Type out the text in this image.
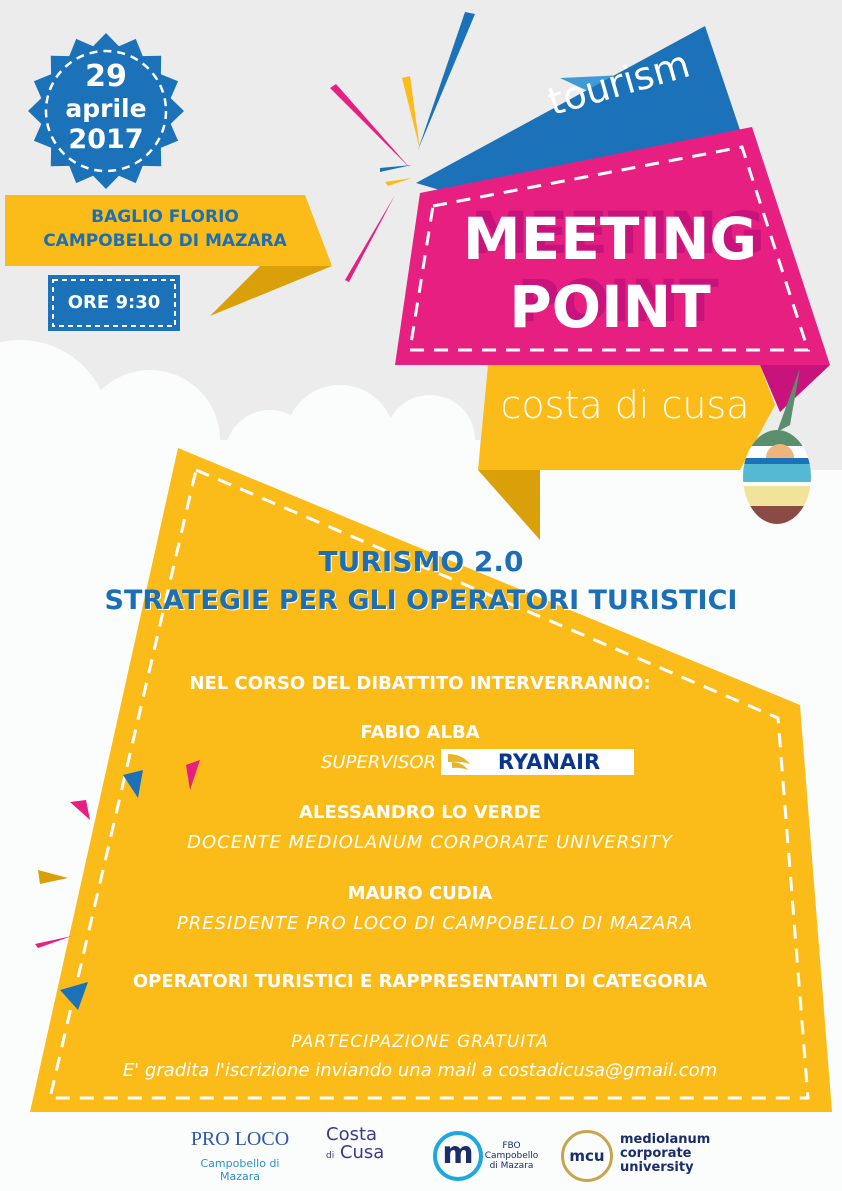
29
aprile
2017
BAGLIO FLORIO
CAMPOBELLO DI MAZARA
ORE 9:30
tourism
MEETING
POINT
costa di cusa
TURISMO 2.0
STRATEGIE PER GLI OPERATORI TURISTICI
NEL CORSO DEL DIBATTITO INTERVERRANNO:
FABIO ALBA
SUPERVISOR	RYANAIR
ALESSANDRO LO VERDE
DOCENTE MEDIOLANUM CORPORATE UNIVERSITY
MAURO CUDIA
PRESIDENTE PRO LOCO DI CAMPOBELLO DI MAZARA
OPERATORI TURISTICI E RAPPRESENTANTI DI CATEGORIA
PARTECIPAZIONE GRATUITA
E' gradita l'iscrizione inviando una mail a costadicusa@gmail.com
PRO LOCO
Campobello di Mazara
Costa
di Cusa	m	FBO
Campobello
di Mazara
mcu
mediolanum
corporate
university
